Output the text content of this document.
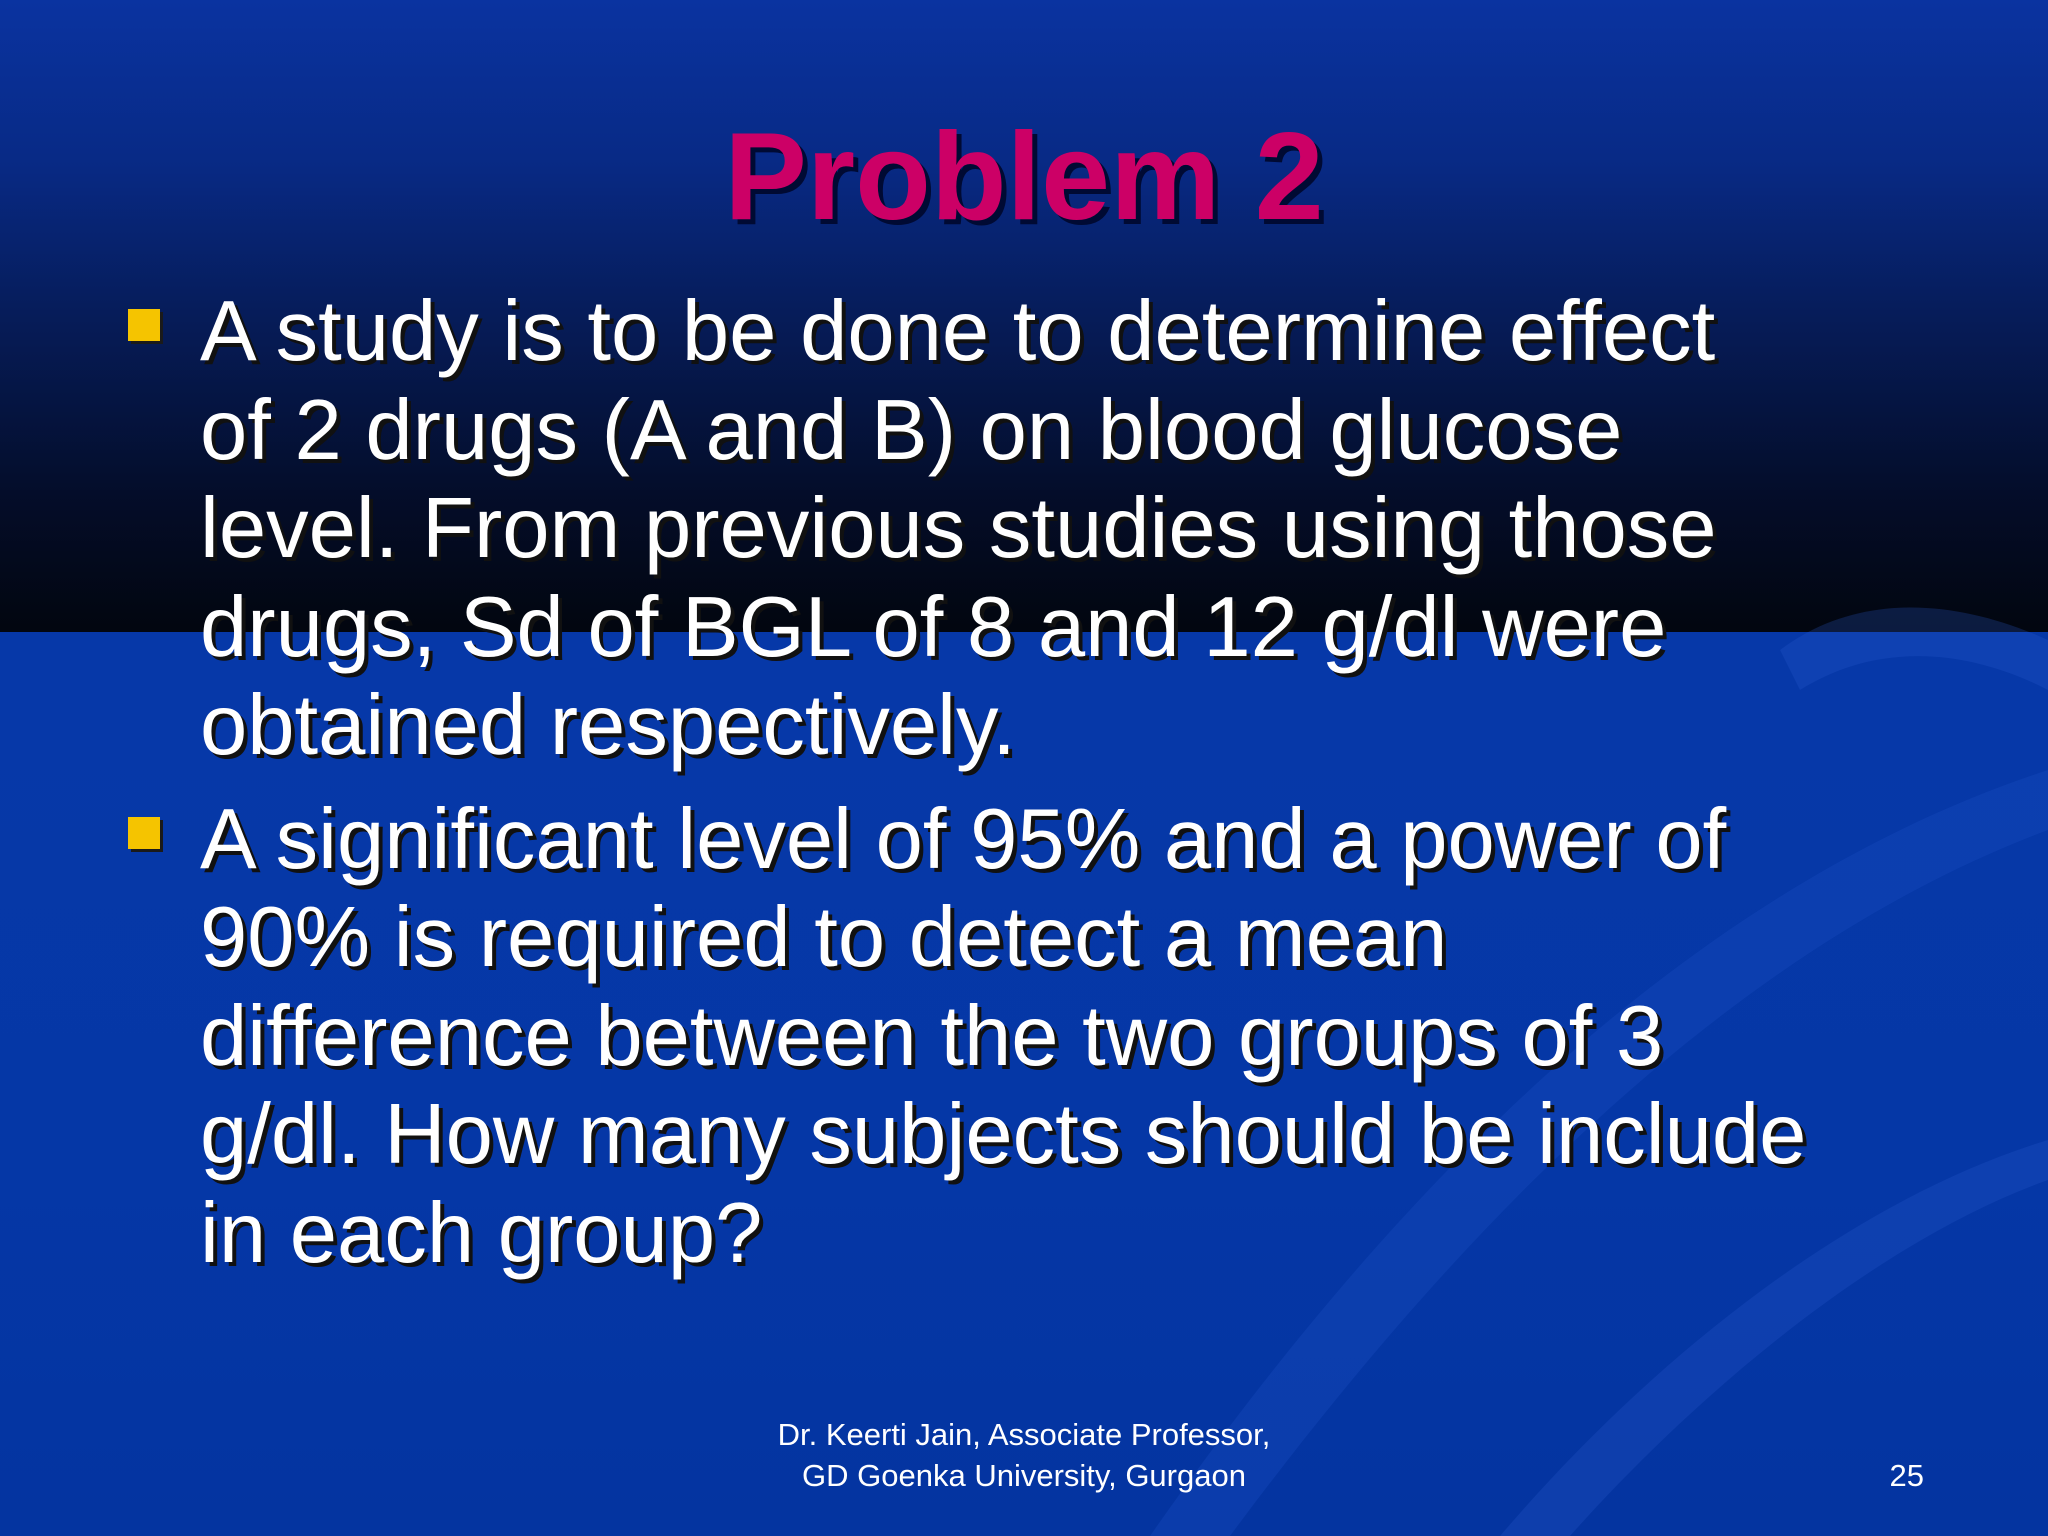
Problem 2
A study is to be done to determine effect
of 2 drugs (A and B) on blood glucose
level. From previous studies using those
drugs, Sd of BGL of 8 and 12 g/dl were
obtained respectively.
A significant level of 95% and a power of
90% is required to detect a mean
difference between the two groups of 3
g/dl. How many subjects should be include
in each group?
Dr. Keerti Jain, Associate Professor,
GD Goenka University, Gurgaon	25
